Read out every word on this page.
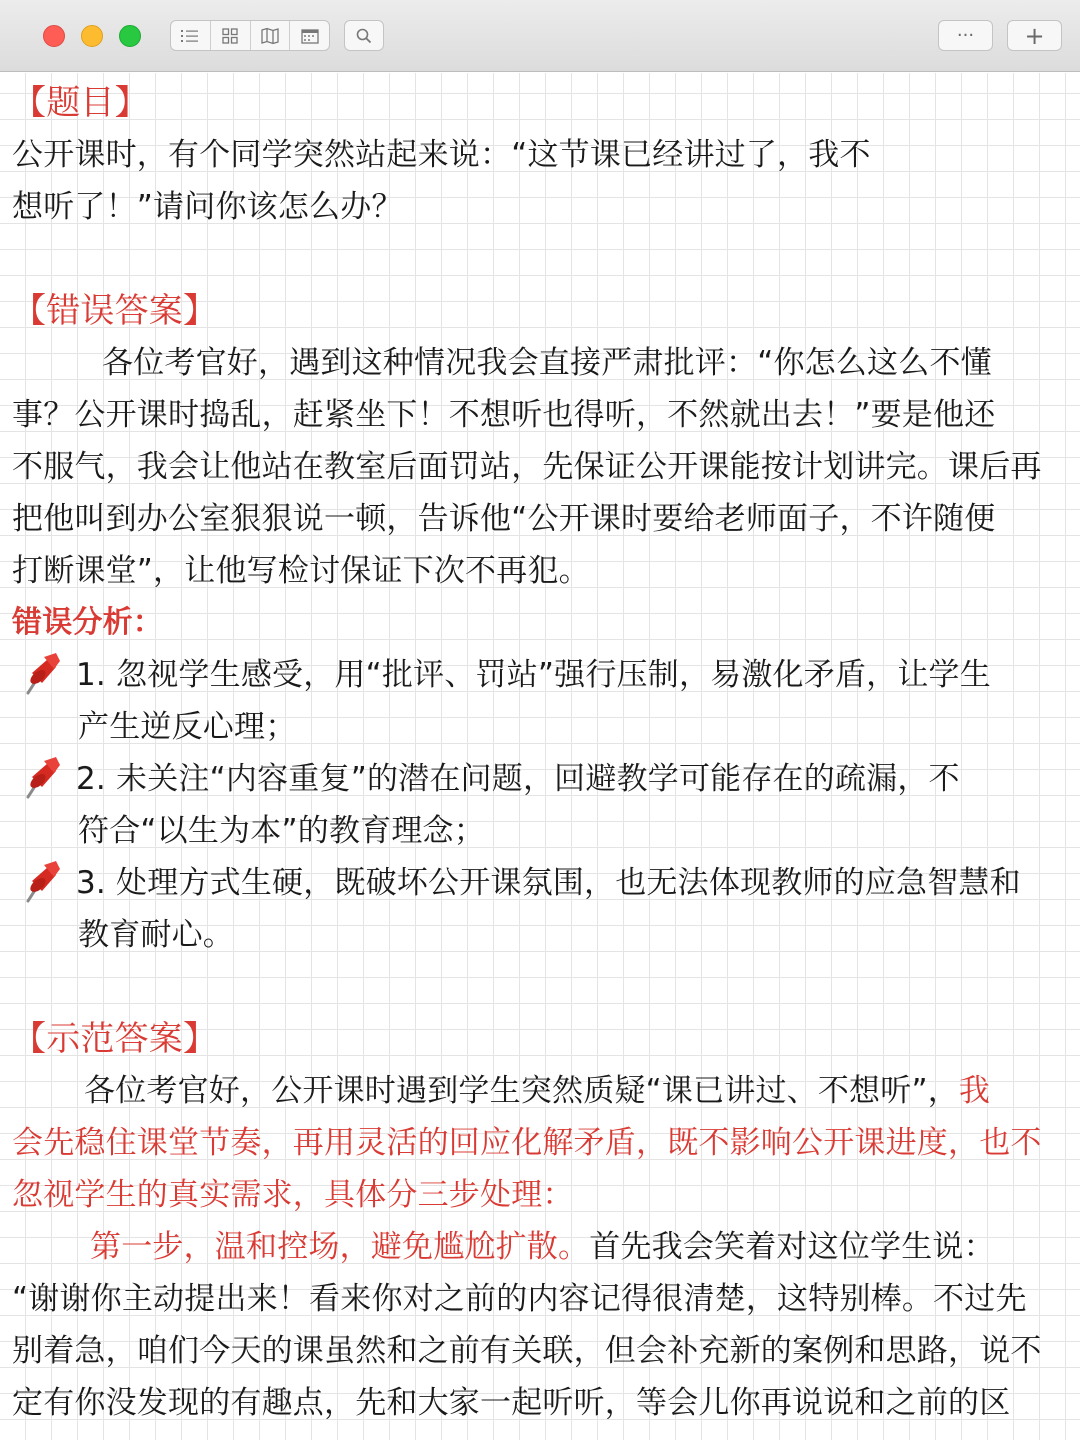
··· +
【题目】
公开课时，有个同学突然站起来说：“这节课已经讲过了，我不
想听了！”请问你该怎么办？
【错误答案】
各位考官好，遇到这种情况我会直接严肃批评：“你怎么这么不懂
事？公开课时捣乱，赶紧坐下！不想听也得听，不然就出去！”要是他还
不服气，我会让他站在教室后面罚站，先保证公开课能按计划讲完。课后再
把他叫到办公室狠狠说一顿，告诉他“公开课时要给老师面子，不许随便
打断课堂”，让他写检讨保证下次不再犯。
错误分析：
1. 忽视学生感受，用“批评、罚站”强行压制，易激化矛盾，让学生
产生逆反心理；
2. 未关注“内容重复”的潜在问题，回避教学可能存在的疏漏，不
符合“以生为本”的教育理念；
3. 处理方式生硬，既破坏公开课氛围，也无法体现教师的应急智慧和
教育耐心。
【示范答案】
各位考官好，公开课时遇到学生突然质疑“课已讲过、不想听”，我
会先稳住课堂节奏，再用灵活的回应化解矛盾，既不影响公开课进度，也不
忽视学生的真实需求，具体分三步处理：
第一步，温和控场，避免尴尬扩散。首先我会笑着对这位学生说：
“谢谢你主动提出来！看来你对之前的内容记得很清楚，这特别棒。不过先
别着急，咱们今天的课虽然和之前有关联，但会补充新的案例和思路，说不
定有你没发现的有趣点，先和大家一起听听，等会儿你再说说和之前的区
